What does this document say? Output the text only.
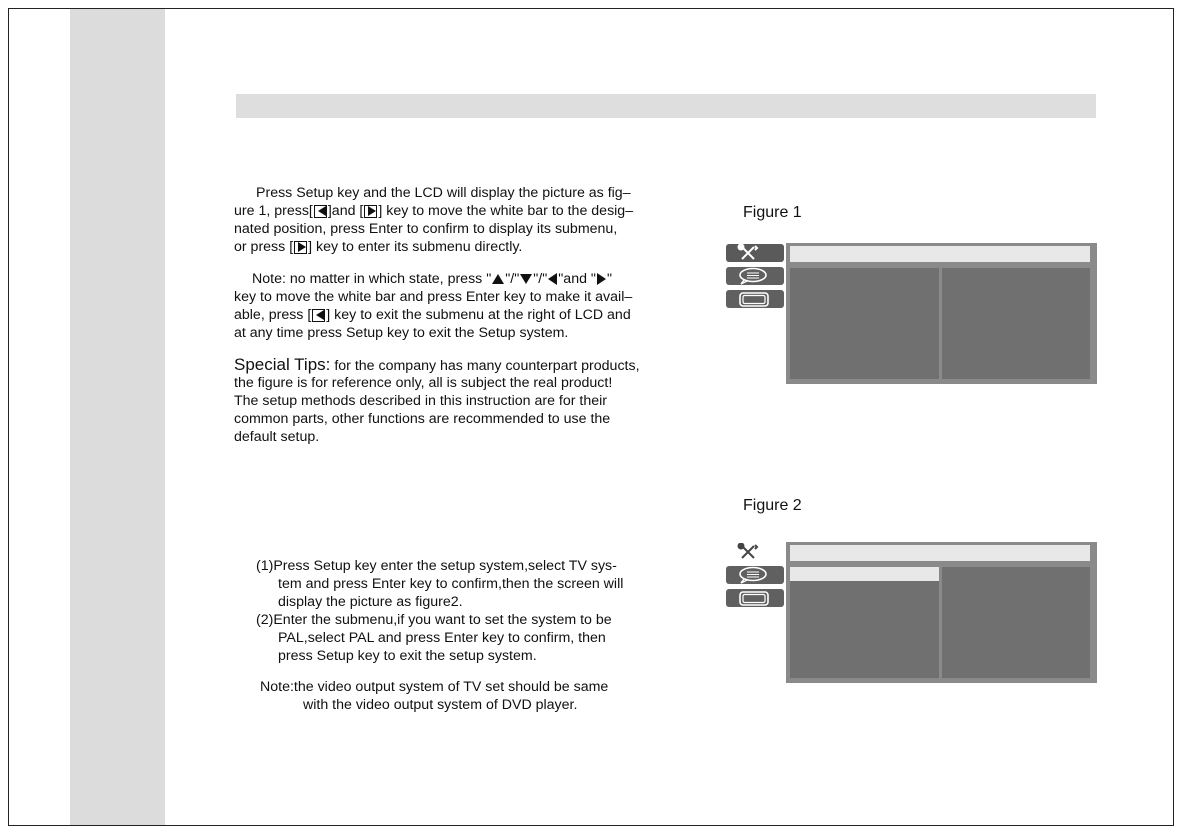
Press Setup key and the LCD will display the picture as fig–
ure 1, press[ ]and [ ] key to move the white bar to the desig–
nated position, press Enter to confirm to display its submenu,
or press [ ] key to enter its submenu directly.
Note: no matter in which state, press " "/" "/" "and " "
key to move the white bar and press Enter key to make it avail–
able, press [ ] key to exit the submenu at the right of LCD and
at any time press Setup key to exit the Setup system.
Special Tips: for the company has many counterpart products,
the figure is for reference only, all is subject the real product!
The setup methods described in this instruction are for their
common parts, other functions are recommended to use the
default setup.
(1)Press Setup key enter the setup system,select TV sys-
tem and press Enter key to confirm,then the screen will
display the picture as figure2.
(2)Enter the submenu,if you want to set the system to be
PAL,select PAL and press Enter key to confirm, then
press Setup key to exit the setup system.
Note:the video output system of TV set should be same
with the video output system of DVD player.
Figure 1
Figure 2
